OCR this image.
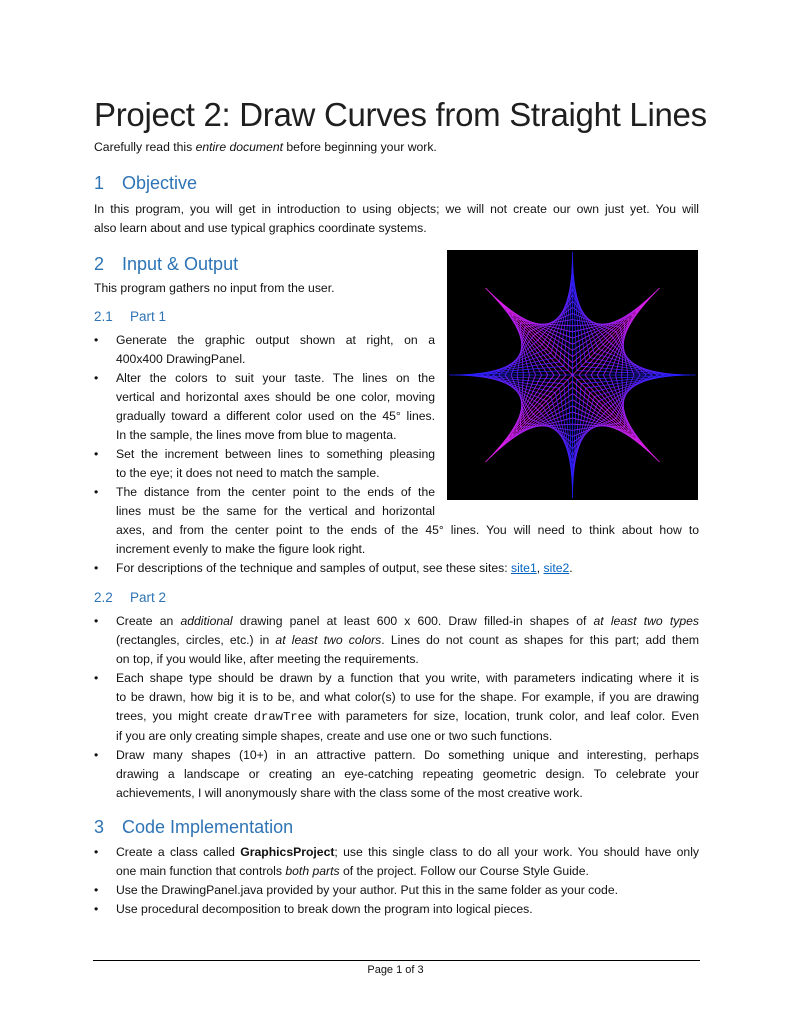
Project 2: Draw Curves from Straight Lines

Carefully read this entire document before beginning your work.

1 Objective

In this program, you will get in introduction to using objects; we will not create our own just yet. You will
also learn about and use typical graphics coordinate systems.

2 Input & Output

This program gathers no input from the user.

2.1 Part 1
• Generate the graphic output shown at right, on a
400x400 DrawingPanel.
• Alter the colors to suit your taste. The lines on the
vertical and horizontal axes should be one color, moving
gradually toward a different color used on the 45° lines.
In the sample, the lines move from blue to magenta.
• Set the increment between lines to something pleasing
to the eye; it does not need to match the sample.
• The distance from the center point to the ends of the
lines must be the same for the vertical and horizontal
axes, and from the center point to the ends of the 45° lines. You will need to think about how to
increment evenly to make the figure look right.
• For descriptions of the technique and samples of output, see these sites: site1, site2.
2.2 Part 2
• Create an additional drawing panel at least 600 x 600. Draw filled-in shapes of at least two types
(rectangles, circles, etc.) in at least two colors. Lines do not count as shapes for this part; add them
on top, if you would like, after meeting the requirements.
• Each shape type should be drawn by a function that you write, with parameters indicating where it is
to be drawn, how big it is to be, and what color(s) to use for the shape. For example, if you are drawing
trees, you might create drawTree with parameters for size, location, trunk color, and leaf color. Even
if you are only creating simple shapes, create and use one or two such functions.
• Draw many shapes (10+) in an attractive pattern. Do something unique and interesting, perhaps
drawing a landscape or creating an eye-catching repeating geometric design. To celebrate your
achievements, I will anonymously share with the class some of the most creative work.
3 Code Implementation
• Create a class called GraphicsProject; use this single class to do all your work. You should have only
one main function that controls both parts of the project. Follow our Course Style Guide.
• Use the DrawingPanel.java provided by your author. Put this in the same folder as your code.
• Use procedural decomposition to break down the program into logical pieces.
Page 1 of 3
